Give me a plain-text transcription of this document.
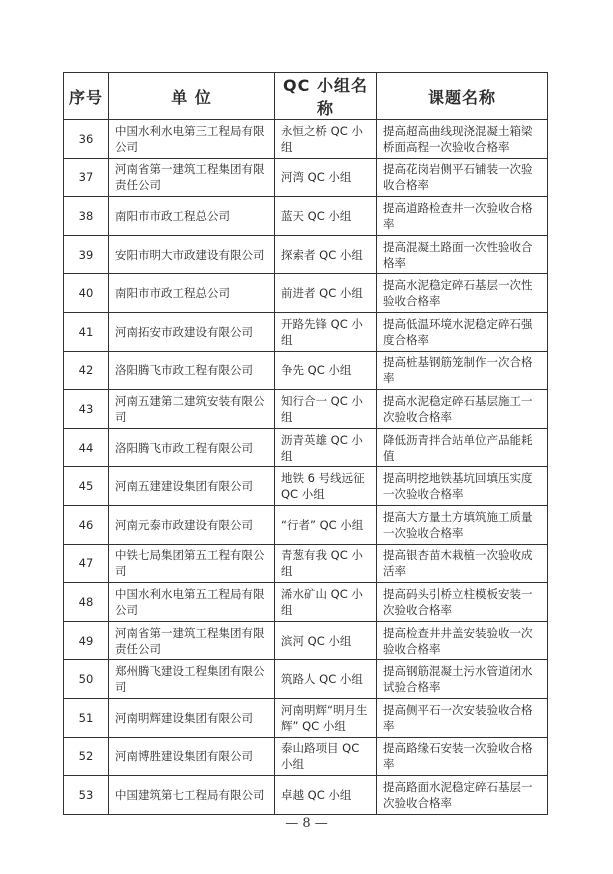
序号	单 位	QC 小组名称	课题名称
36	中国水利水电第三工程局有限公司	永恒之桥 QC 小组	提高超高曲线现浇混凝土箱梁桥面高程一次验收合格率
37	河南省第一建筑工程集团有限责任公司	河湾 QC 小组	提高花岗岩侧平石铺装一次验收合格率
38	南阳市市政工程总公司	蓝天 QC 小组	提高道路检查井一次验收合格率
39	安阳市明大市政建设有限公司	探索者 QC 小组	提高混凝土路面一次性验收合格率
40	南阳市市政工程总公司	前进者 QC 小组	提高水泥稳定碎石基层一次性验收合格率
41	河南拓安市政建设有限公司	开路先锋 QC 小组	提高低温环境水泥稳定碎石强度合格率
42	洛阳腾飞市政工程有限公司	争先 QC 小组	提高桩基钢筋笼制作一次合格率
43	河南五建第二建筑安装有限公司	知行合一 QC 小组	提高水泥稳定碎石基层施工一次验收合格率
44	洛阳腾飞市政工程有限公司	沥青英雄 QC 小组	降低沥青拌合站单位产品能耗值
45	河南五建建设集团有限公司	地铁 6 号线远征 QC 小组	提高明挖地铁基坑回填压实度一次验收合格率
46	河南元泰市政建设有限公司	“行者” QC 小组	提高大方量土方填筑施工质量一次验收合格率
47	中铁七局集团第五工程有限公司	青葱有我 QC 小组	提高银杏苗木栽植一次验收成活率
48	中国水利水电第五工程局有限公司	浠水矿山 QC 小组	提高码头引桥立柱模板安装一次验收合格率
49	河南省第一建筑工程集团有限责任公司	滨河 QC 小组	提高检查井井盖安装验收一次验收合格率
50	郑州腾飞建设工程集团有限公司	筑路人 QC 小组	提高钢筋混凝土污水管道闭水试验合格率
51	河南明辉建设集团有限公司	河南明辉“明月生辉” QC 小组	提高侧平石一次安装验收合格率
52	河南博胜建设集团有限公司	泰山路项目 QC 小组	提高路缘石安装一次验收合格率
53	中国建筑第七工程局有限公司	卓越 QC 小组	提高路面水泥稳定碎石基层一次验收合格率
— 8 —
